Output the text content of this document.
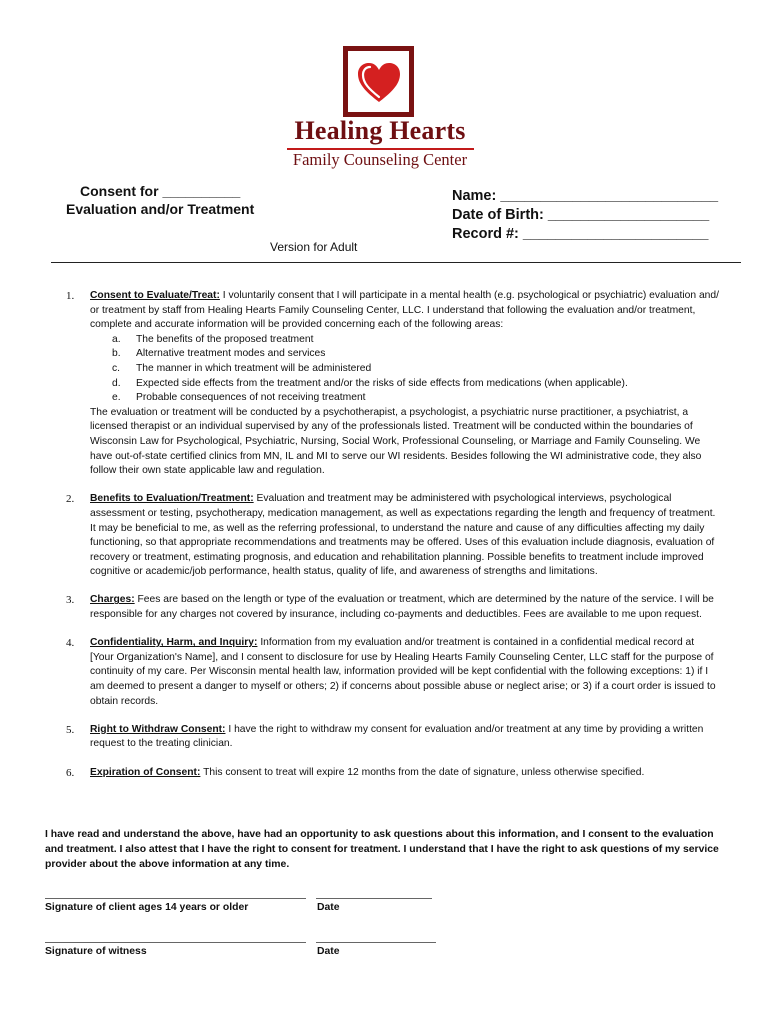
Healing Hearts
Family Counseling Center
Consent for __________
Evaluation and/or Treatment
Name: ___________________________
Date of Birth: ____________________
Record #: _______________________
Version for Adult
1. Consent to Evaluate/Treat: I voluntarily consent that I will participate in a mental health (e.g. psychological or psychiatric) evaluation and/ or treatment by staff from Healing Hearts Family Counseling Center, LLC. I understand that following the evaluation and/or treatment, complete and accurate information will be provided concerning each of the following areas:
a. The benefits of the proposed treatment
b. Alternative treatment modes and services
c. The manner in which treatment will be administered
d. Expected side effects from the treatment and/or the risks of side effects from medications (when applicable).
e. Probable consequences of not receiving treatment
The evaluation or treatment will be conducted by a psychotherapist, a psychologist, a psychiatric nurse practitioner, a psychiatrist, a licensed therapist or an individual supervised by any of the professionals listed. Treatment will be conducted within the boundaries of Wisconsin Law for Psychological, Psychiatric, Nursing, Social Work, Professional Counseling, or Marriage and Family Counseling. We have out-of-state certified clinics from MN, IL and MI to serve our WI residents. Besides following the WI administrative code, they also follow their own state applicable law and regulation.
2. Benefits to Evaluation/Treatment: Evaluation and treatment may be administered with psychological interviews, psychological assessment or testing, psychotherapy, medication management, as well as expectations regarding the length and frequency of treatment. It may be beneficial to me, as well as the referring professional, to understand the nature and cause of any difficulties affecting my daily functioning, so that appropriate recommendations and treatments may be offered. Uses of this evaluation include diagnosis, evaluation of recovery or treatment, estimating prognosis, and education and rehabilitation planning. Possible benefits to treatment include improved cognitive or academic/job performance, health status, quality of life, and awareness of strengths and limitations.
3. Charges: Fees are based on the length or type of the evaluation or treatment, which are determined by the nature of the service. I will be responsible for any charges not covered by insurance, including co-payments and deductibles. Fees are available to me upon request.
4. Confidentiality, Harm, and Inquiry: Information from my evaluation and/or treatment is contained in a confidential medical record at [Your Organization's Name], and I consent to disclosure for use by Healing Hearts Family Counseling Center, LLC staff for the purpose of continuity of my care. Per Wisconsin mental health law, information provided will be kept confidential with the following exceptions: 1) if I am deemed to present a danger to myself or others; 2) if concerns about possible abuse or neglect arise; or 3) if a court order is issued to obtain records.
5. Right to Withdraw Consent: I have the right to withdraw my consent for evaluation and/or treatment at any time by providing a written request to the treating clinician.
6. Expiration of Consent: This consent to treat will expire 12 months from the date of signature, unless otherwise specified.
I have read and understand the above, have had an opportunity to ask questions about this information, and I consent to the evaluation and treatment. I also attest that I have the right to consent for treatment. I understand that I have the right to ask questions of my service provider about the above information at any time.
Signature of client ages 14 years or older	Date
Signature of witness	Date
